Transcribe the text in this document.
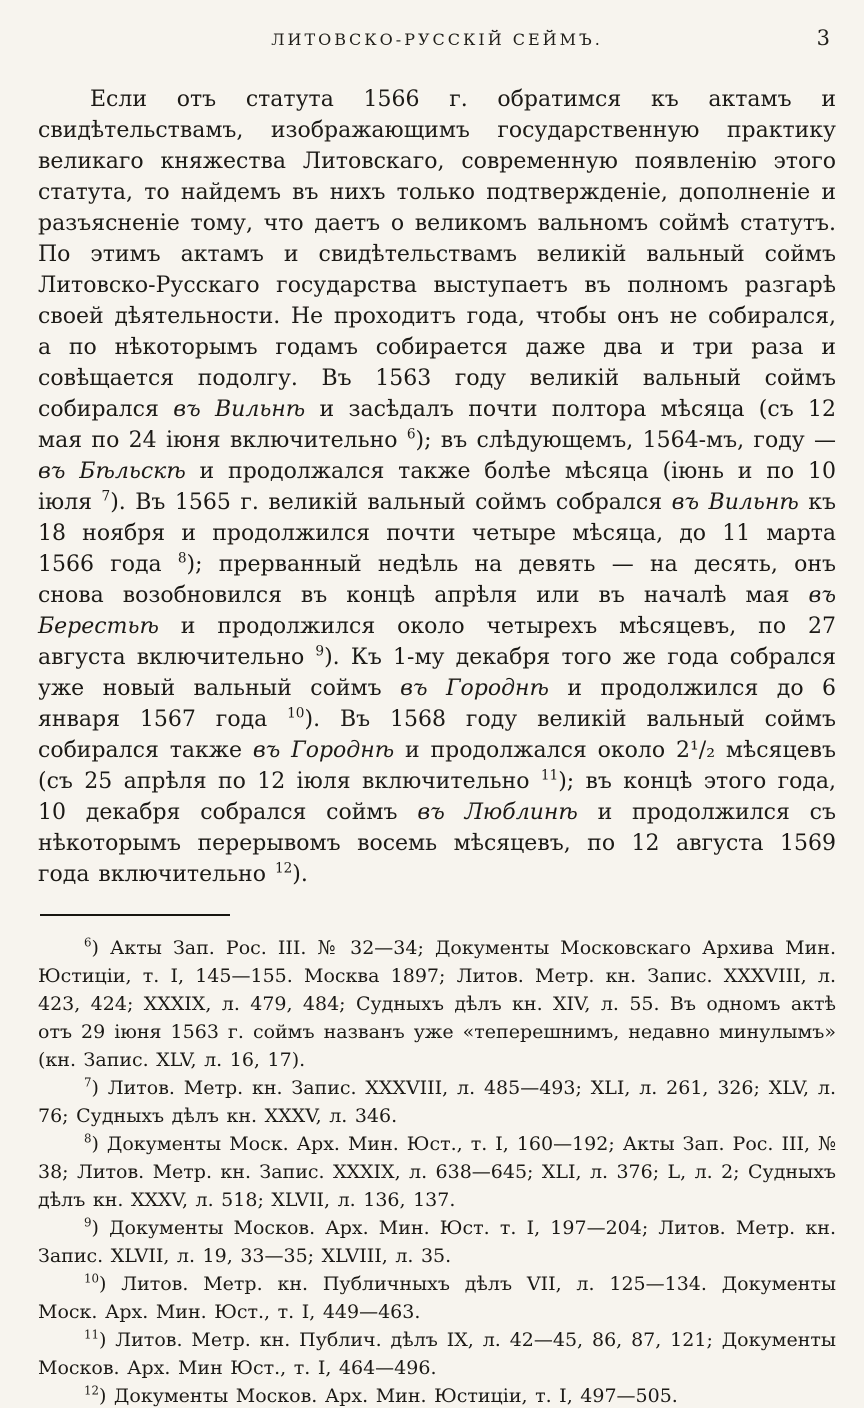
ЛИТОВСКО-РУССКІЙ СЕЙМЪ.	3

Если отъ статута 1566 г. обратимся къ актамъ и свидѣтельствамъ, изображающимъ государственную практику великаго княжества Литовскаго, современную появленію этого статута, то найдемъ въ нихъ только подтвержденіе, дополненіе и разъясненіе тому, что даетъ о великомъ вальномъ соймѣ статутъ. По этимъ актамъ и свидѣтельствамъ великій вальный соймъ Литовско-Русскаго государства выступаетъ въ полномъ разгарѣ своей дѣятельности. Не проходитъ года, чтобы онъ не собирался, а по нѣкоторымъ годамъ собирается даже два и три раза и совѣщается подолгу. Въ 1563 году великій вальный соймъ собирался въ Вильнѣ и засѣдалъ почти полтора мѣсяца (съ 12 мая по 24 іюня включительно $^6$); въ слѣдующемъ, 1564-мъ, году — въ Бѣльскѣ и продолжался также болѣе мѣсяца (іюнь и по 10 іюля $^7$). Въ 1565 г. великій вальный соймъ собрался въ Вильнѣ къ 18 ноября и продолжился почти четыре мѣсяца, до 11 марта 1566 года $^8$); прерванный недѣль на девять — на десять, онъ снова возобновился въ концѣ апрѣля или въ началѣ мая въ Берестьѣ и продолжился около четырехъ мѣсяцевъ, по 27 августа включительно $^9$). Къ 1-му декабря того же года собрался уже новый вальный соймъ въ Городнѣ и продолжился до 6 января 1567 года $^{10}$). Въ 1568 году великій вальный соймъ собирался также въ Городнѣ и продолжался около 2¹/₂ мѣсяцевъ (съ 25 апрѣля по 12 іюля включительно $^{11}$); въ концѣ этого года, 10 декабря собрался соймъ въ Люблинѣ и продолжился съ нѣкоторымъ перерывомъ восемь мѣсяцевъ, по 12 августа 1569 года включительно $^{12}$).

$^6$) Акты Зап. Рос. III. № 32—34; Документы Московскаго Архива Мин. Юстиціи, т. I, 145—155. Москва 1897; Литов. Метр. кн. Запис. XXXVIII, л. 423, 424; XXXIX, л. 479, 484; Судныхъ дѣлъ кн. XIV, л. 55. Въ одномъ актѣ отъ 29 іюня 1563 г. соймъ названъ уже «теперешнимъ, недавно минулымъ» (кн. Запис. XLV, л. 16, 17).

$^7$) Литов. Метр. кн. Запис. XXXVIII, л. 485—493; XLI, л. 261, 326; XLV, л. 76; Судныхъ дѣлъ кн. XXXV, л. 346.

$^8$) Документы Моск. Арх. Мин. Юст., т. I, 160—192; Акты Зап. Рос. III, № 38; Литов. Метр. кн. Запис. XXXIX, л. 638—645; XLI, л. 376; L, л. 2; Судныхъ дѣлъ кн. XXXV, л. 518; XLVII, л. 136, 137.

$^9$) Документы Москов. Арх. Мин. Юст. т. I, 197—204; Литов. Метр. кн. Запис. XLVII, л. 19, 33—35; XLVIII, л. 35.

$^{10}$) Литов. Метр. кн. Публичныхъ дѣлъ VII, л. 125—134. Документы Моск. Арх. Мин. Юст., т. I, 449—463.

$^{11}$) Литов. Метр. кн. Публич. дѣлъ IX, л. 42—45, 86, 87, 121; Документы Москов. Арх. Мин Юст., т. I, 464—496.

$^{12}$) Документы Москов. Арх. Мин. Юстиціи, т. I, 497—505.
